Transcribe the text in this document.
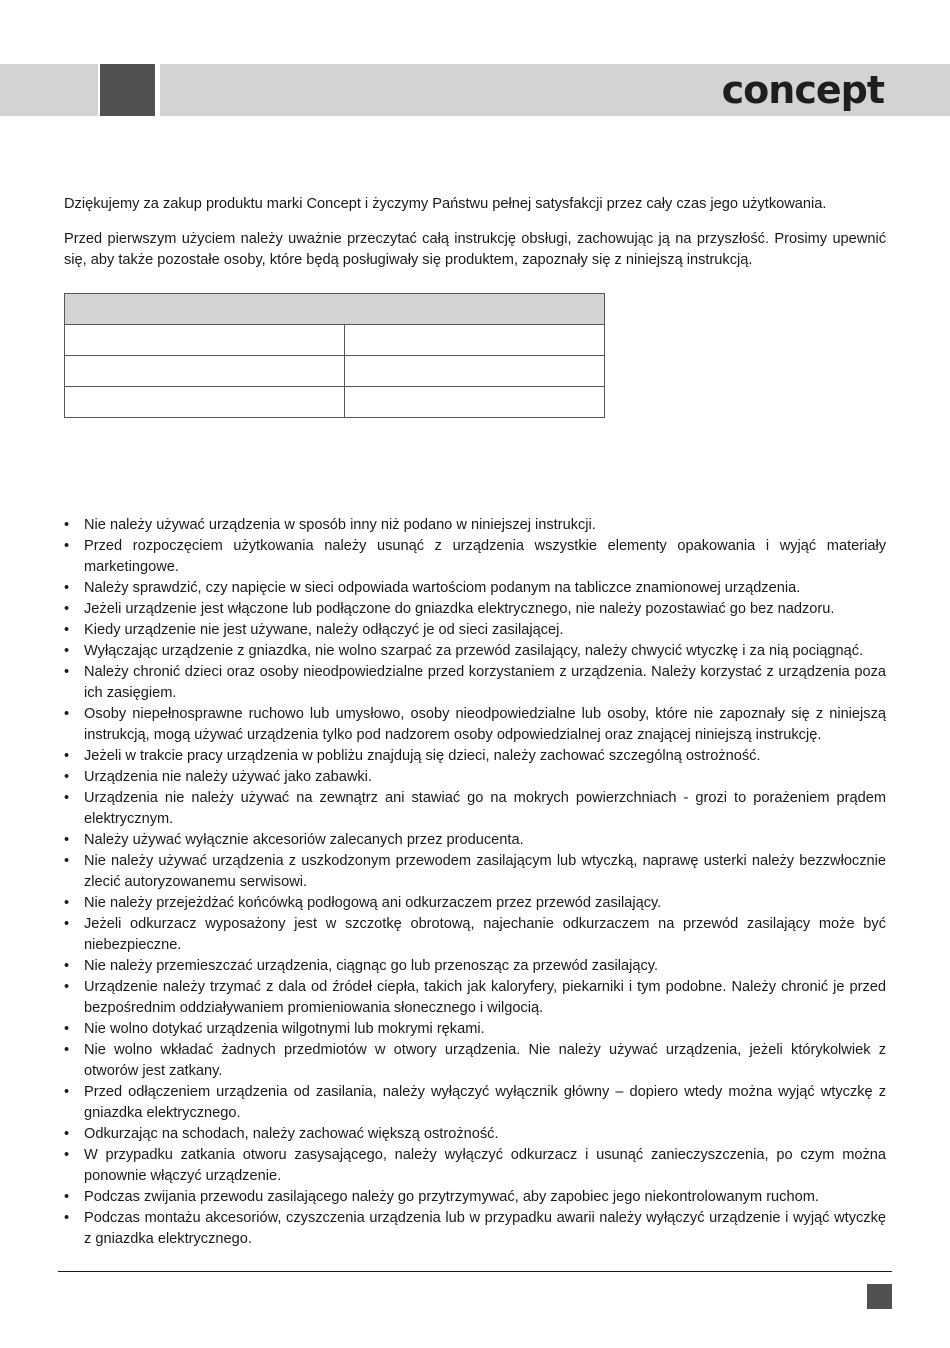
concept

Dziękujemy za zakup produktu marki Concept i życzymy Państwu pełnej satysfakcji przez cały czas jego użytkowania.

Przed pierwszym użyciem należy uważnie przeczytać całą instrukcję obsługi, zachowując ją na przyszłość. Prosimy upewnić się, aby także pozostałe osoby, które będą posługiwały się produktem, zapoznały się z niniejszą instrukcją.

• Nie należy używać urządzenia w sposób inny niż podano w niniejszej instrukcji.
• Przed rozpoczęciem użytkowania należy usunąć z urządzenia wszystkie elementy opakowania i wyjąć materiały marketingowe.
• Należy sprawdzić, czy napięcie w sieci odpowiada wartościom podanym na tabliczce znamionowej urządzenia.
• Jeżeli urządzenie jest włączone lub podłączone do gniazdka elektrycznego, nie należy pozostawiać go bez nadzoru.
• Kiedy urządzenie nie jest używane, należy odłączyć je od sieci zasilającej.
• Wyłączając urządzenie z gniazdka, nie wolno szarpać za przewód zasilający, należy chwycić wtyczkę i za nią pociągnąć.
• Należy chronić dzieci oraz osoby nieodpowiedzialne przed korzystaniem z urządzenia. Należy korzystać z urządzenia poza ich zasięgiem.
• Osoby niepełnosprawne ruchowo lub umysłowo, osoby nieodpowiedzialne lub osoby, które nie zapoznały się z niniejszą instrukcją, mogą używać urządzenia tylko pod nadzorem osoby odpowiedzialnej oraz znającej niniejszą instrukcję.
• Jeżeli w trakcie pracy urządzenia w pobliżu znajdują się dzieci, należy zachować szczególną ostrożność.
• Urządzenia nie należy używać jako zabawki.
• Urządzenia nie należy używać na zewnątrz ani stawiać go na mokrych powierzchniach - grozi to porażeniem prądem elektrycznym.
• Należy używać wyłącznie akcesoriów zalecanych przez producenta.
• Nie należy używać urządzenia z uszkodzonym przewodem zasilającym lub wtyczką, naprawę usterki należy bezzwłocznie zlecić autoryzowanemu serwisowi.
• Nie należy przejeżdżać końcówką podłogową ani odkurzaczem przez przewód zasilający.
• Jeżeli odkurzacz wyposażony jest w szczotkę obrotową, najechanie odkurzaczem na przewód zasilający może być niebezpieczne.
• Nie należy przemieszczać urządzenia, ciągnąc go lub przenosząc za przewód zasilający.
• Urządzenie należy trzymać z dala od źródeł ciepła, takich jak kaloryfery, piekarniki i tym podobne. Należy chronić je przed bezpośrednim oddziaływaniem promieniowania słonecznego i wilgocią.
• Nie wolno dotykać urządzenia wilgotnymi lub mokrymi rękami.
• Nie wolno wkładać żadnych przedmiotów w otwory urządzenia. Nie należy używać urządzenia, jeżeli którykolwiek z otworów jest zatkany.
• Przed odłączeniem urządzenia od zasilania, należy wyłączyć wyłącznik główny – dopiero wtedy można wyjąć wtyczkę z gniazdka elektrycznego.
• Odkurzając na schodach, należy zachować większą ostrożność.
• W przypadku zatkania otworu zasysającego, należy wyłączyć odkurzacz i usunąć zanieczyszczenia, po czym można ponownie włączyć urządzenie.
• Podczas zwijania przewodu zasilającego należy go przytrzymywać, aby zapobiec jego niekontrolowanym ruchom.
• Podczas montażu akcesoriów, czyszczenia urządzenia lub w przypadku awarii należy wyłączyć urządzenie i wyjąć wtyczkę z gniazdka elektrycznego.
